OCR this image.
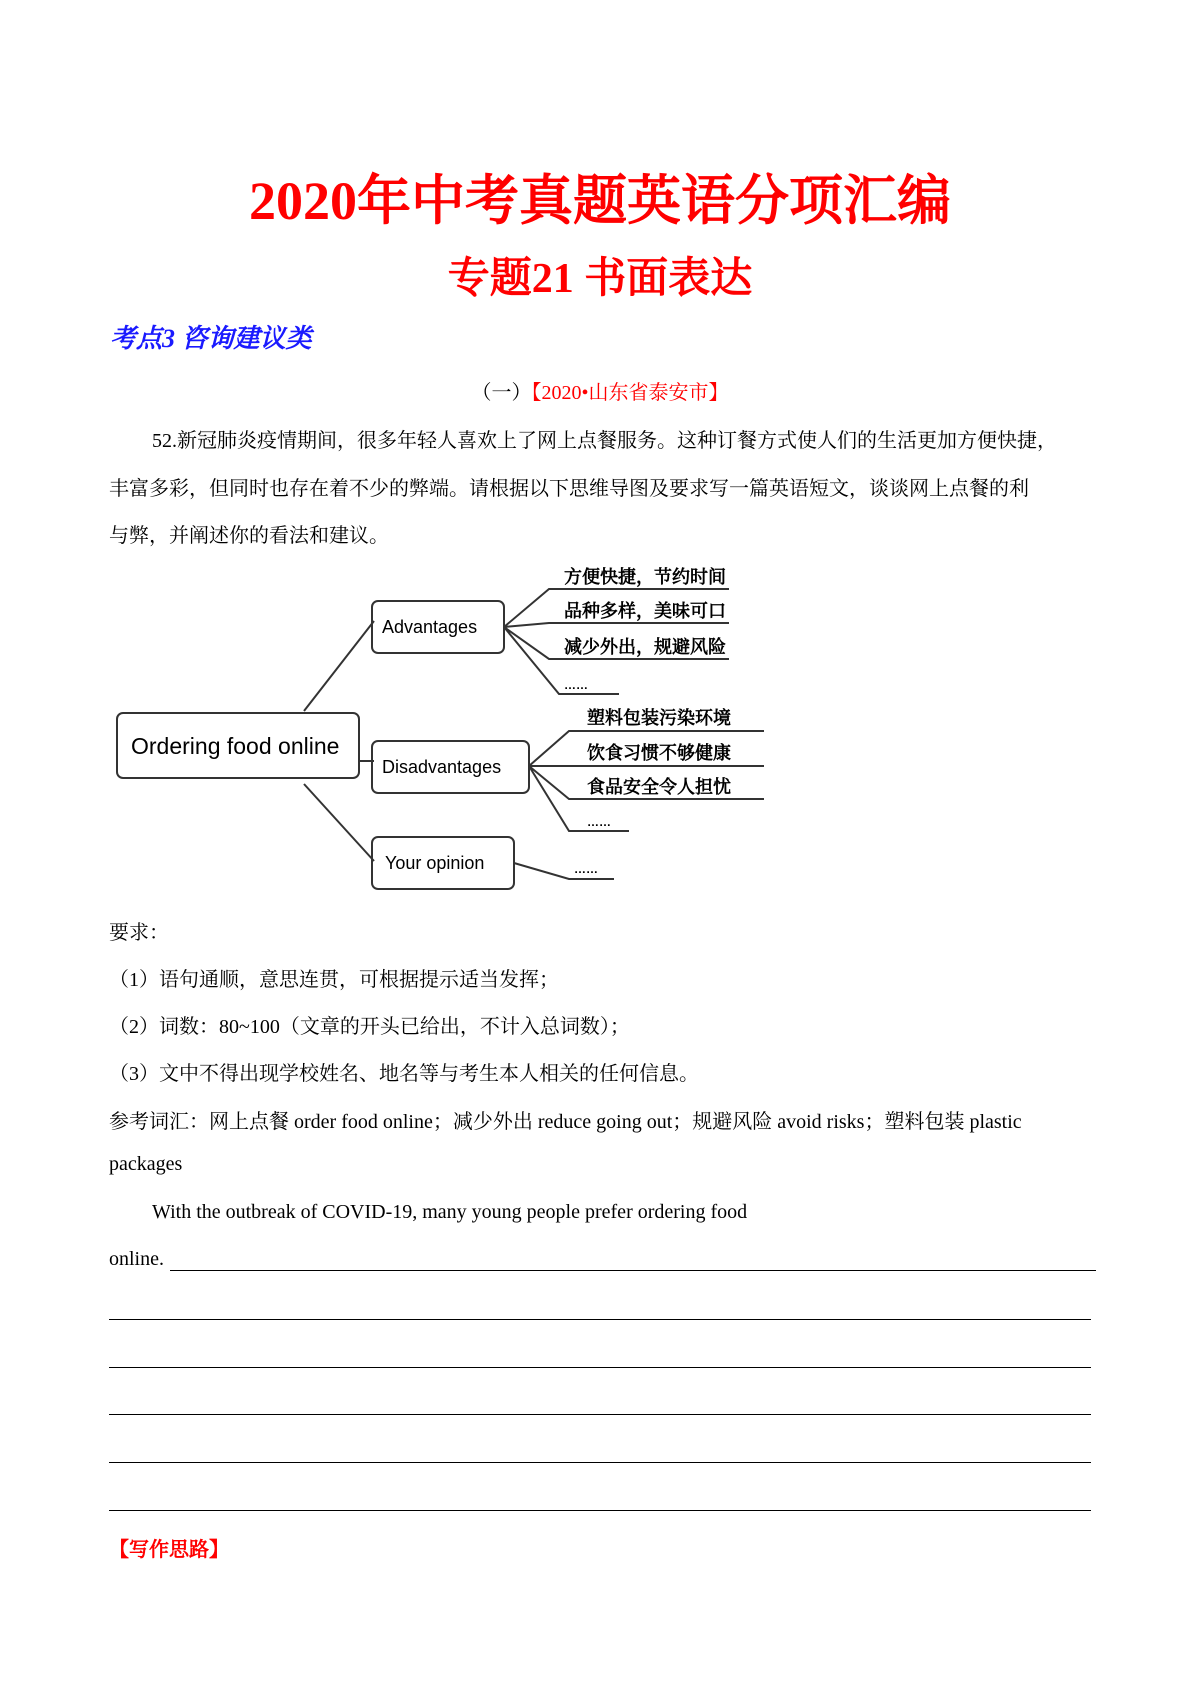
2020年中考真题英语分项汇编
专题21 书面表达
考点3 咨询建议类
（一）【2020•山东省泰安市】
52.新冠肺炎疫情期间，很多年轻人喜欢上了网上点餐服务。这种订餐方式使人们的生活更加方便快捷，
丰富多彩，但同时也存在着不少的弊端。请根据以下思维导图及要求写一篇英语短文，谈谈网上点餐的利
与弊，并阐述你的看法和建议。
Ordering food online
Advantages
Disadvantages
Your opinion
方便快捷，节约时间
品种多样，美味可口
减少外出，规避风险
……
塑料包装污染环境
饮食习惯不够健康
食品安全令人担忧
……
……
要求：
（1）语句通顺，意思连贯，可根据提示适当发挥；
（2）词数：80~100（文章的开头已给出，不计入总词数）；
（3）文中不得出现学校姓名、地名等与考生本人相关的任何信息。
参考词汇：网上点餐 order food online；减少外出 reduce going out；规避风险 avoid risks；塑料包装 plastic
packages
With the outbreak of COVID-19, many young people prefer ordering food
online.
【写作思路】
